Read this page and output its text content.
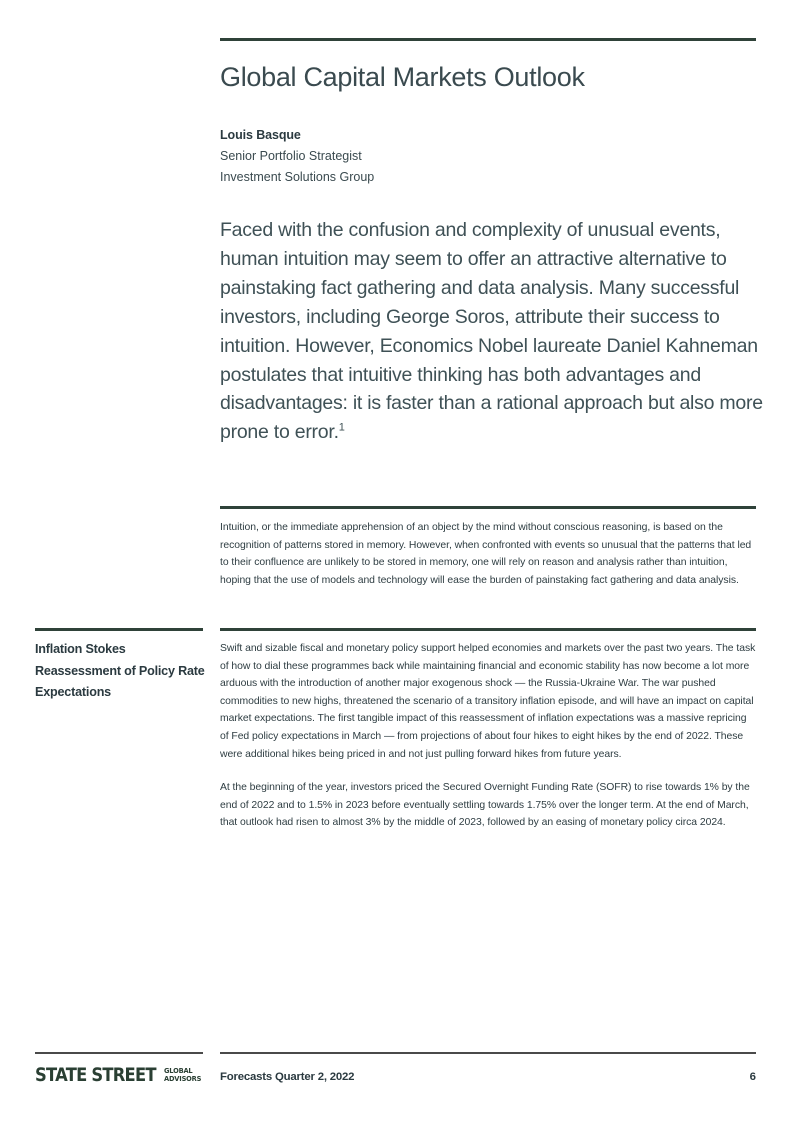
Global Capital Markets Outlook
Louis Basque
Senior Portfolio Strategist
Investment Solutions Group
Faced with the confusion and complexity of unusual events, human intuition may seem to offer an attractive alternative to painstaking fact gathering and data analysis. Many successful investors, including George Soros, attribute their success to intuition. However, Economics Nobel laureate Daniel Kahneman postulates that intuitive thinking has both advantages and disadvantages: it is faster than a rational approach but also more prone to error.$^1$
Intuition, or the immediate apprehension of an object by the mind without conscious reasoning, is based on the recognition of patterns stored in memory. However, when confronted with events so unusual that the patterns that led to their confluence are unlikely to be stored in memory, one will rely on reason and analysis rather than intuition, hoping that the use of models and technology will ease the burden of painstaking fact gathering and data analysis.
Inflation Stokes Reassessment of Policy Rate Expectations

Swift and sizable fiscal and monetary policy support helped economies and markets over the past two years. The task of how to dial these programmes back while maintaining financial and economic stability has now become a lot more arduous with the introduction of another major exogenous shock — the Russia-Ukraine War. The war pushed commodities to new highs, threatened the scenario of a transitory inflation episode, and will have an impact on capital market expectations. The first tangible impact of this reassessment of inflation expectations was a massive repricing of Fed policy expectations in March — from projections of about four hikes to eight hikes by the end of 2022. These were additional hikes being priced in and not just pulling forward hikes from future years.

At the beginning of the year, investors priced the Secured Overnight Funding Rate (SOFR) to rise towards 1% by the end of 2022 and to 1.5% in 2023 before eventually settling towards 1.75% over the longer term. At the end of March, that outlook had risen to almost 3% by the middle of 2023, followed by an easing of monetary policy circa 2024.

STATE STREET GLOBAL
ADVISORS Forecasts Quarter 2, 2022	6
